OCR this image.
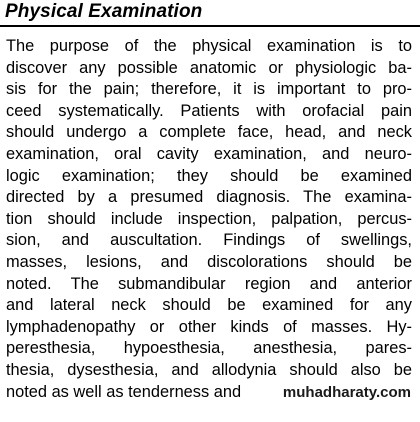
Physical Examination
The purpose of the physical examination is to
discover any possible anatomic or physiologic ba-
sis for the pain; therefore, it is important to pro-
ceed systematically. Patients with orofacial pain
should undergo a complete face, head, and neck
examination, oral cavity examination, and neuro-
logic examination; they should be examined
directed by a presumed diagnosis. The examina-
tion should include inspection, palpation, percus-
sion, and auscultation. Findings of swellings,
masses, lesions, and discolorations should be
noted. The submandibular region and anterior
and lateral neck should be examined for any
lymphadenopathy or other kinds of masses. Hy-
peresthesia, hypoesthesia, anesthesia, pares-
thesia, dysesthesia, and allodynia should also be
noted as well as tenderness and	muhadharaty.com
